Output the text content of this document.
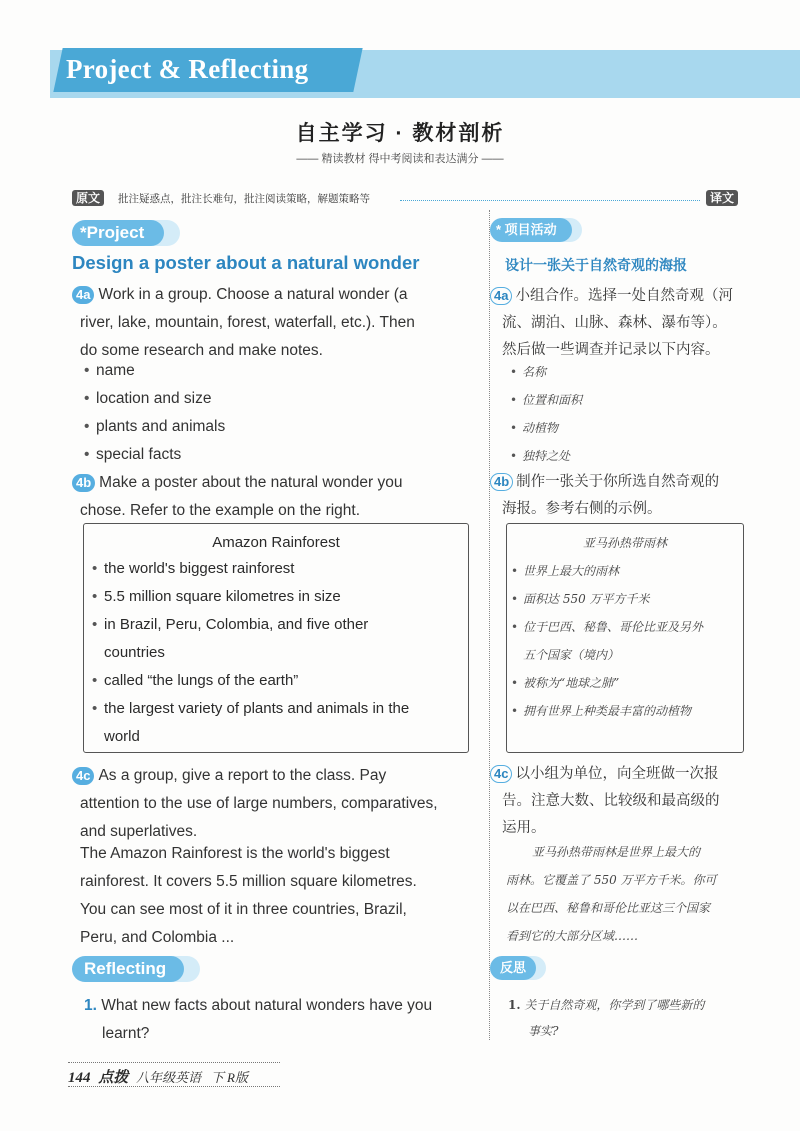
Project & Reflecting
自主学习 · 教材剖析
—— 精读教材 得中考阅读和表达满分 ——
原文	批注疑惑点，批注长难句，批注阅读策略，解题策略等	译文
*Project
Design a poster about a natural wonder
4a Work in a group. Choose a natural wonder (a
river, lake, mountain, forest, waterfall, etc.). Then
do some research and make notes.
• name
• location and size
• plants and animals
• special facts
4b Make a poster about the natural wonder you
chose. Refer to the example on the right.
Amazon Rainforest
• the world's biggest rainforest
• 5.5 million square kilometres in size
• in Brazil, Peru, Colombia, and five other
countries
• called “the lungs of the earth”
• the largest variety of plants and animals in the
world
4c As a group, give a report to the class. Pay
attention to the use of large numbers, comparatives,
and superlatives.
The Amazon Rainforest is the world's biggest
rainforest. It covers 5.5 million square kilometres.
You can see most of it in three countries, Brazil,
Peru, and Colombia ...
Reflecting
1. What new facts about natural wonders have you
learnt?
* 项目活动
设计一张关于自然奇观的海报
4a 小组合作。选择一处自然奇观（河
流、湖泊、山脉、森林、瀑布等）。
然后做一些调查并记录以下内容。
• 名称
• 位置和面积
• 动植物
• 独特之处
4b 制作一张关于你所选自然奇观的
海报。参考右侧的示例。
亚马孙热带雨林
• 世界上最大的雨林
• 面积达 550 万平方千米
• 位于巴西、秘鲁、哥伦比亚及另外
五个国家（境内）
• 被称为“地球之肺”
• 拥有世界上种类最丰富的动植物
4c 以小组为单位，向全班做一次报
告。注意大数、比较级和最高级的
运用。
亚马孙热带雨林是世界上最大的
雨林。它覆盖了 550 万平方千米。你可
以在巴西、秘鲁和哥伦比亚这三个国家
看到它的大部分区域……
反思
1. 关于自然奇观，你学到了哪些新的
事实?
144 点拨 八年级英语 下 R版
